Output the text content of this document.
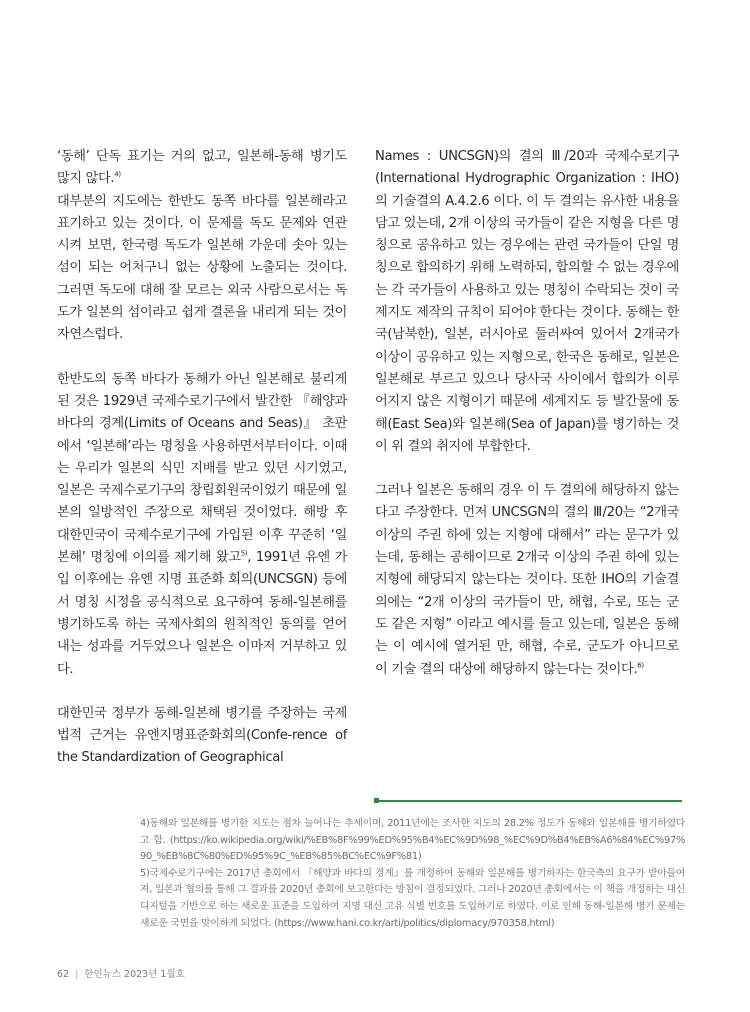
‘동해’ 단독 표기는 거의 없고, 일본해-동해 병기도 많지 않다.$^{4)}$

대부분의 지도에는 한반도 동쪽 바다를 일본해라고 표기하고 있는 것이다. 이 문제를 독도 문제와 연관시켜 보면, 한국령 독도가 일본해 가운데 솟아 있는 섬이 되는 어처구니 없는 상황에 노출되는 것이다. 그러면 독도에 대해 잘 모르는 외국 사람으로서는 독도가 일본의 섬이라고 쉽게 결론을 내리게 되는 것이 자연스럽다.

한반도의 동쪽 바다가 동해가 아닌 일본해로 불리게 된 것은 1929년 국제수로기구에서 발간한 『해양과 바다의 경계(Limits of Oceans and Seas)』 초판에서 ‘일본해’라는 명칭을 사용하면서부터이다. 이때는 우리가 일본의 식민 지배를 받고 있던 시기였고, 일본은 국제수로기구의 창립회원국이었기 때문에 일본의 일방적인 주장으로 채택된 것이었다. 해방 후 대한민국이 국제수로기구에 가입된 이후 꾸준히 ‘일본해’ 명칭에 이의를 제기해 왔고$^{5)}$, 1991년 유엔 가입 이후에는 유엔 지명 표준화 회의(UNCSGN) 등에서 명칭 시정을 공식적으로 요구하여 동해-일본해를 병기하도록 하는 국제사회의 원칙적인 동의를 얻어내는 성과를 거두었으나 일본은 이마저 거부하고 있다.

대한민국 정부가 동해-일본해 병기를 주장하는 국제법적 근거는 유엔지명표준화회의(Confe-rence of the Standardization of Geographical

Names : UNCSGN)의 결의 Ⅲ/20과 국제수로기구(International Hydrographic Organization : IHO)의 기술결의 A.4.2.6 이다. 이 두 결의는 유사한 내용을 담고 있는데, 2개 이상의 국가들이 같은 지형을 다른 명칭으로 공유하고 있는 경우에는 관련 국가들이 단일 명칭으로 합의하기 위해 노력하되, 합의할 수 없는 경우에는 각 국가들이 사용하고 있는 명칭이 수락되는 것이 국제지도 제작의 규칙이 되어야 한다는 것이다. 동해는 한국(남북한), 일본, 러시아로 둘러싸여 있어서 2개국가 이상이 공유하고 있는 지형으로, 한국은 동해로, 일본은 일본해로 부르고 있으나 당사국 사이에서 합의가 이루어지지 않은 지형이기 때문에 세계지도 등 발간물에 동해(East Sea)와 일본해(Sea of Japan)를 병기하는 것이 위 결의 취지에 부합한다.

그러나 일본은 동해의 경우 이 두 결의에 해당하지 않는다고 주장한다. 먼저 UNCSGN의 결의 Ⅲ/20는 “2개국 이상의 주권 하에 있는 지형에 대해서” 라는 문구가 있는데, 동해는 공해이므로 2개국 이상의 주권 하에 있는 지형에 해당되지 않는다는 것이다. 또한 IHO의 기술결의에는 “2개 이상의 국가들이 만, 해협, 수로, 또는 군도 같은 지형” 이라고 예시를 들고 있는데, 일본은 동해는 이 예시에 열거된 만, 해협, 수로, 군도가 아니므로 이 기술 결의 대상에 해당하지 않는다는 것이다.$^{6)}$

4)동해와 일본해를 병기한 지도는 점차 늘어나는 추세이며, 2011년에는 조사한 지도의 28.2% 정도가 동해와 일본해를 병기하였다고 함. (https://ko.wikipedia.org/wiki/%EB%8F%99%ED%95%B4%EC%9D%98_%EC%9D%B4%EB%A6%84%EC%97%90_%EB%8C%80%ED%95%9C_%EB%85%BC%EC%9F%81)

5)국제수로기구에는 2017년 총회에서 『해양과 바다의 경계』를 개정하여 동해와 일본해를 병기하자는 한국측의 요구가 받아들여져, 일본과 협의를 통해 그 결과를 2020년 총회에 보고한다는 방침이 결정되었다. 그러나 2020년 총회에서는 이 책을 개정하는 대신 디지털을 기반으로 하는 새로운 표준을 도입하여 지명 대신 고유 식별 번호를 도입하기로 하였다. 이로 인해 동해-일본해 병기 문제는 새로운 국면을 맞이하게 되었다. (https://www.hani.co.kr/arti/politics/diplomacy/970358.html)

62 | 한인뉴스 2023년 1월호
